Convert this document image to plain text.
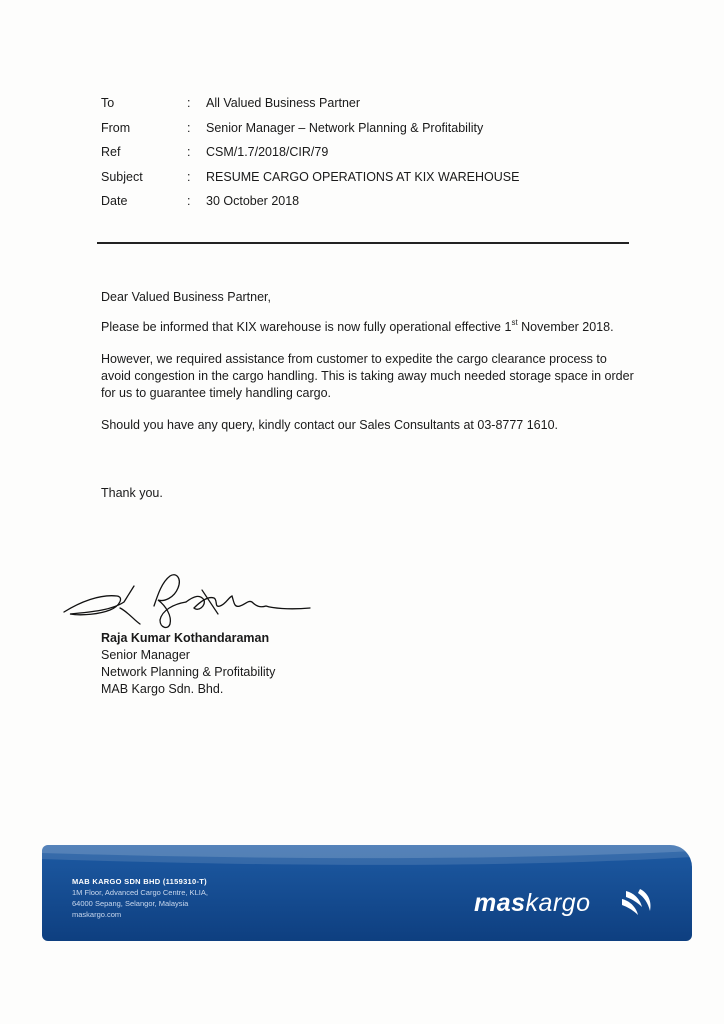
To	: All Valued Business Partner
From	: Senior Manager – Network Planning & Profitability
Ref	: CSM/1.7/2018/CIR/79
Subject	: RESUME CARGO OPERATIONS AT KIX WAREHOUSE
Date	: 30 October 2018
Dear Valued Business Partner,
Please be informed that KIX warehouse is now fully operational effective 1st November 2018.
However, we required assistance from customer to expedite the cargo clearance process to avoid congestion in the cargo handling. This is taking away much needed storage space in order for us to guarantee timely handling cargo.
Should you have any query, kindly contact our Sales Consultants at 03-8777 1610.
Thank you.
Raja Kumar Kothandaraman
Senior Manager
Network Planning & Profitability
MAB Kargo Sdn. Bhd.
MAB KARGO SDN BHD (1159310-T)
1M Floor, Advanced Cargo Centre, KLIA,
64000 Sepang, Selangor, Malaysia
maskargo.com	maskargo
